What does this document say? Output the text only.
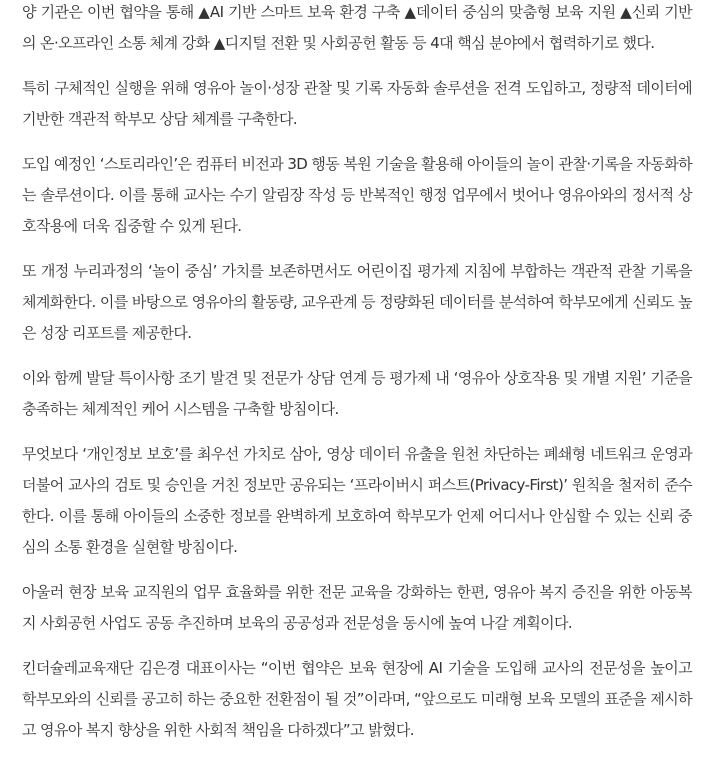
양 기관은 이번 협약을 통해 ▲AI 기반 스마트 보육 환경 구축 ▲데이터 중심의 맞춤형 보육 지원 ▲신뢰 기반의 온·오프라인 소통 체계 강화 ▲디지털 전환 및 사회공헌 활동 등 4대 핵심 분야에서 협력하기로 했다.

특히 구체적인 실행을 위해 영유아 놀이·성장 관찰 및 기록 자동화 솔루션을 전격 도입하고, 정량적 데이터에 기반한 객관적 학부모 상담 체계를 구축한다.

도입 예정인 ‘스토리라인’은 컴퓨터 비전과 3D 행동 복원 기술을 활용해 아이들의 놀이 관찰·기록을 자동화하는 솔루션이다. 이를 통해 교사는 수기 알림장 작성 등 반복적인 행정 업무에서 벗어나 영유아와의 정서적 상호작용에 더욱 집중할 수 있게 된다.

또 개정 누리과정의 ‘놀이 중심’ 가치를 보존하면서도 어린이집 평가제 지침에 부합하는 객관적 관찰 기록을 체계화한다. 이를 바탕으로 영유아의 활동량, 교우관계 등 정량화된 데이터를 분석하여 학부모에게 신뢰도 높은 성장 리포트를 제공한다.

이와 함께 발달 특이사항 조기 발견 및 전문가 상담 연계 등 평가제 내 ‘영유아 상호작용 및 개별 지원’ 기준을 충족하는 체계적인 케어 시스템을 구축할 방침이다.

무엇보다 ‘개인정보 보호’를 최우선 가치로 삼아, 영상 데이터 유출을 원천 차단하는 폐쇄형 네트워크 운영과 더불어 교사의 검토 및 승인을 거친 정보만 공유되는 ‘프라이버시 퍼스트(Privacy-First)’ 원칙을 철저히 준수한다. 이를 통해 아이들의 소중한 정보를 완벽하게 보호하여 학부모가 언제 어디서나 안심할 수 있는 신뢰 중심의 소통 환경을 실현할 방침이다.

아울러 현장 보육 교직원의 업무 효율화를 위한 전문 교육을 강화하는 한편, 영유아 복지 증진을 위한 아동복지 사회공헌 사업도 공동 추진하며 보육의 공공성과 전문성을 동시에 높여 나갈 계획이다.

킨더슐레교육재단 김은경 대표이사는 “이번 협약은 보육 현장에 AI 기술을 도입해 교사의 전문성을 높이고 학부모와의 신뢰를 공고히 하는 중요한 전환점이 될 것”이라며, “앞으로도 미래형 보육 모델의 표준을 제시하고 영유아 복지 향상을 위한 사회적 책임을 다하겠다”고 밝혔다.
